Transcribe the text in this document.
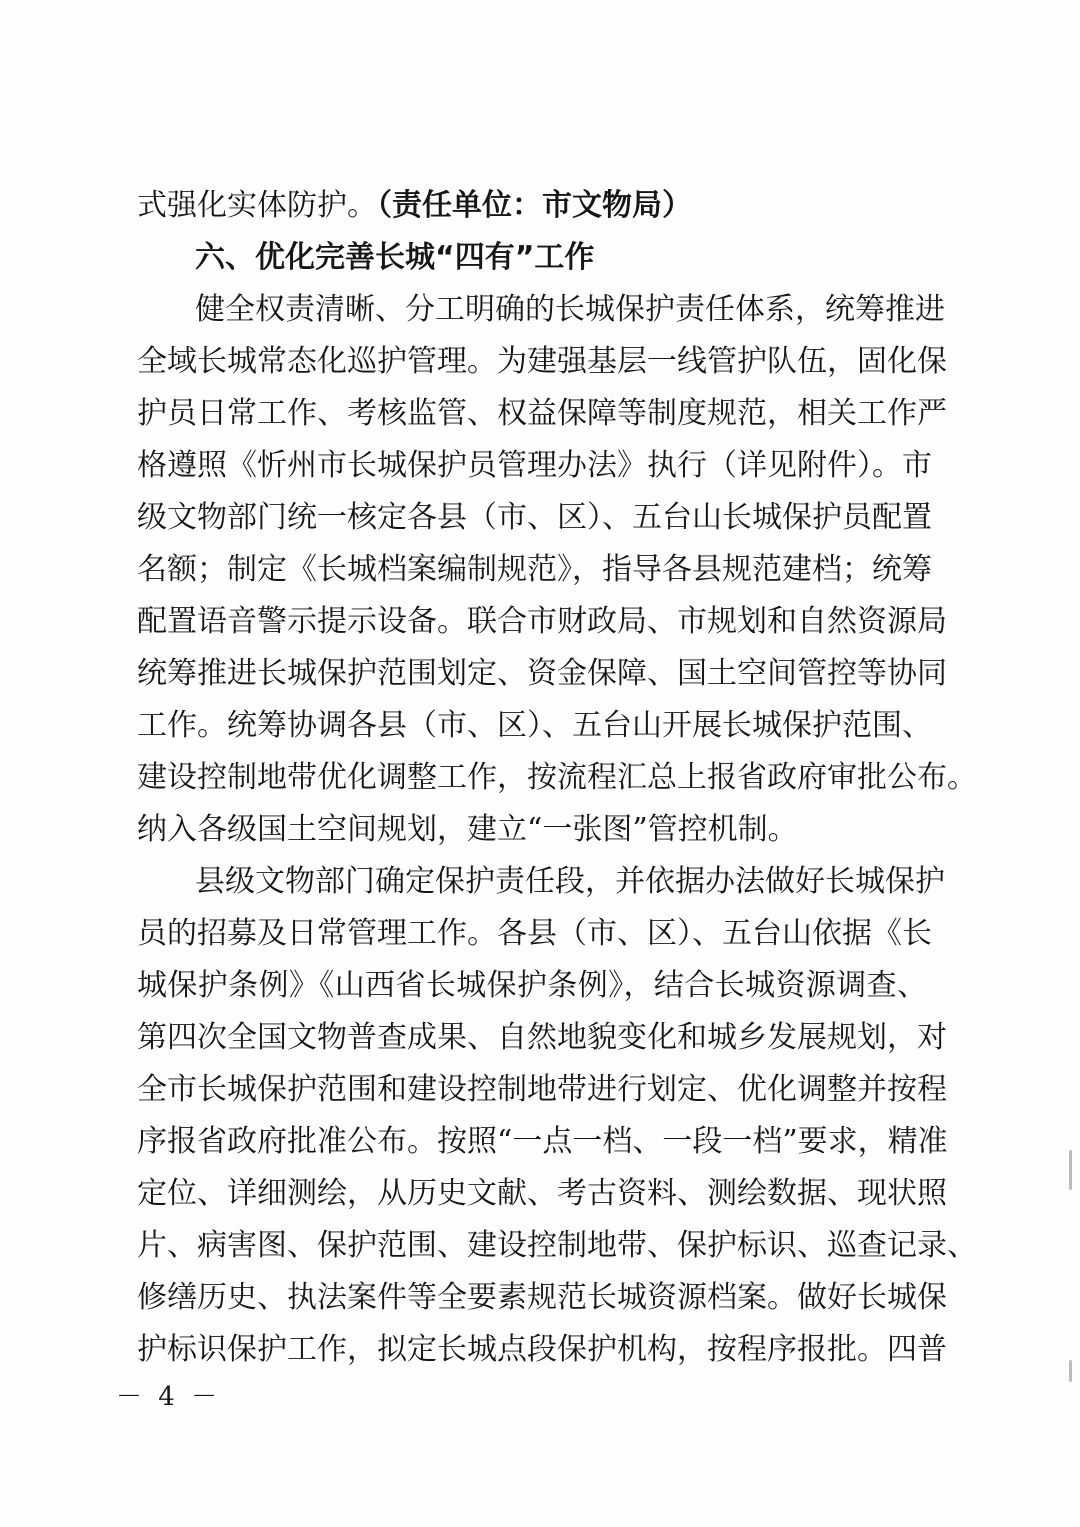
式强化实体防护。（责任单位：市文物局）
六、优化完善长城“四有”工作
健全权责清晰、分工明确的长城保护责任体系，统筹推进
全域长城常态化巡护管理。为建强基层一线管护队伍，固化保
护员日常工作、考核监管、权益保障等制度规范，相关工作严
格遵照《忻州市长城保护员管理办法》执行（详见附件）。市
级文物部门统一核定各县（市、区）、五台山长城保护员配置
名额；制定《长城档案编制规范》，指导各县规范建档；统筹
配置语音警示提示设备。联合市财政局、市规划和自然资源局
统筹推进长城保护范围划定、资金保障、国土空间管控等协同
工作。统筹协调各县（市、区）、五台山开展长城保护范围、
建设控制地带优化调整工作，按流程汇总上报省政府审批公布。
纳入各级国土空间规划，建立“一张图”管控机制。
县级文物部门确定保护责任段，并依据办法做好长城保护
员的招募及日常管理工作。各县（市、区）、五台山依据《长
城保护条例》《山西省长城保护条例》，结合长城资源调查、
第四次全国文物普查成果、自然地貌变化和城乡发展规划，对
全市长城保护范围和建设控制地带进行划定、优化调整并按程
序报省政府批准公布。按照“一点一档、一段一档”要求，精准
定位、详细测绘，从历史文献、考古资料、测绘数据、现状照
片、病害图、保护范围、建设控制地带、保护标识、巡查记录、
修缮历史、执法案件等全要素规范长城资源档案。做好长城保
护标识保护工作，拟定长城点段保护机构，按程序报批。四普
－ 4 －
